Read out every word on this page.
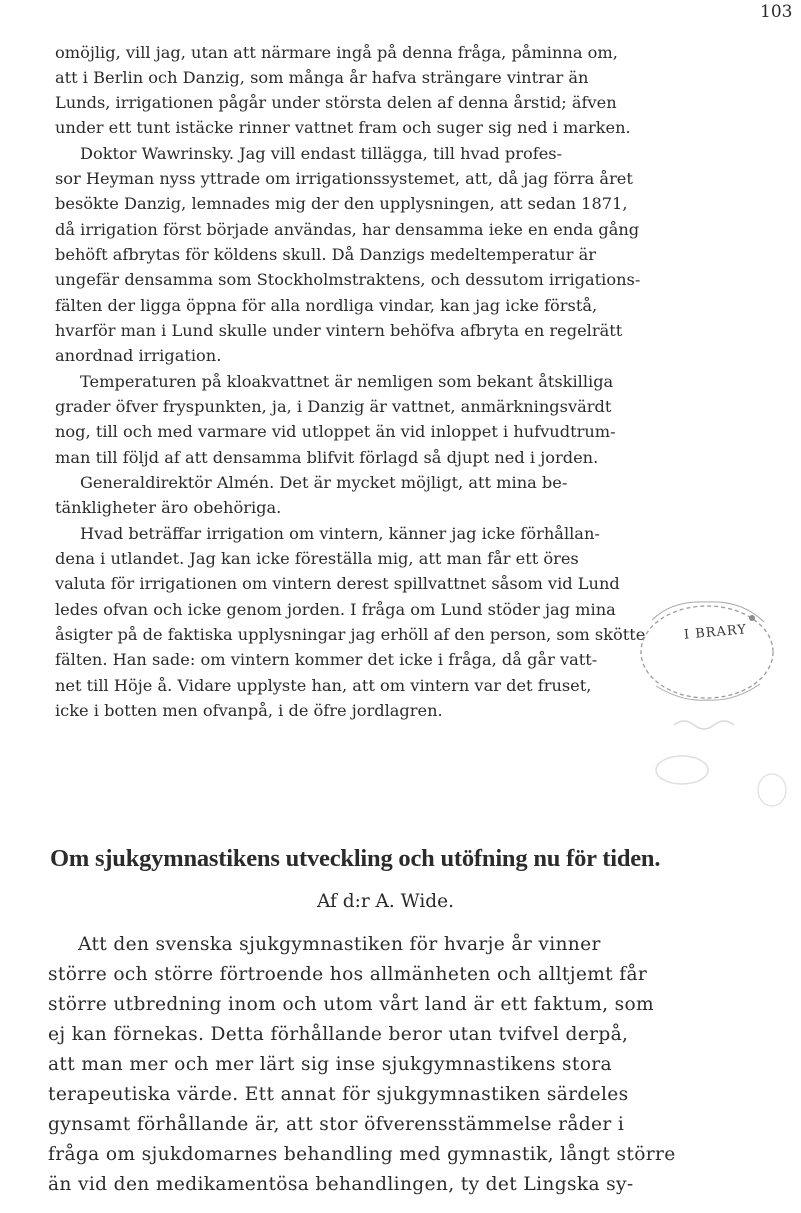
103
omöjlig, vill jag, utan att närmare ingå på denna fråga, påminna om,
att i Berlin och Danzig, som många år hafva strängare vintrar än
Lunds, irrigationen pågår under största delen af denna årstid; äfven
under ett tunt istäcke rinner vattnet fram och suger sig ned i marken.
Doktor Wawrinsky. Jag vill endast tillägga, till hvad profes-
sor Heyman nyss yttrade om irrigationssystemet, att, då jag förra året
besökte Danzig, lemnades mig der den upplysningen, att sedan 1871,
då irrigation först började användas, har densamma ieke en enda gång
behöft afbrytas för köldens skull. Då Danzigs medeltemperatur är
ungefär densamma som Stockholmstraktens, och dessutom irrigations-
fälten der ligga öppna för alla nordliga vindar, kan jag icke förstå,
hvarför man i Lund skulle under vintern behöfva afbryta en regelrätt
anordnad irrigation.
Temperaturen på kloakvattnet är nemligen som bekant åtskilliga
grader öfver fryspunkten, ja, i Danzig är vattnet, anmärkningsvärdt
nog, till och med varmare vid utloppet än vid inloppet i hufvudtrum-
man till följd af att densamma blifvit förlagd så djupt ned i jorden.
Generaldirektör Almén. Det är mycket möjligt, att mina be-
tänkligheter äro obehöriga.
Hvad beträffar irrigation om vintern, känner jag icke förhållan-
dena i utlandet. Jag kan icke föreställa mig, att man får ett öres
valuta för irrigationen om vintern derest spillvattnet såsom vid Lund
ledes ofvan och icke genom jorden. I fråga om Lund stöder jag mina
åsigter på de faktiska upplysningar jag erhöll af den person, som skötte
fälten. Han sade: om vintern kommer det icke i fråga, då går vatt-
net till Höje å. Vidare upplyste han, att om vintern var det fruset,
icke i botten men ofvanpå, i de öfre jordlagren.
I BRARY
Om sjukgymnastikens utveckling och utöfning nu för tiden.
Af d:r A. Wide.
Att den svenska sjukgymnastiken för hvarje år vinner
större och större förtroende hos allmänheten och alltjemt får
större utbredning inom och utom vårt land är ett faktum, som
ej kan förnekas. Detta förhållande beror utan tvifvel derpå,
att man mer och mer lärt sig inse sjukgymnastikens stora
terapeutiska värde. Ett annat för sjukgymnastiken särdeles
gynsamt förhållande är, att stor öfverensstämmelse råder i
fråga om sjukdomarnes behandling med gymnastik, långt större
än vid den medikamentösa behandlingen, ty det Lingska sy-
